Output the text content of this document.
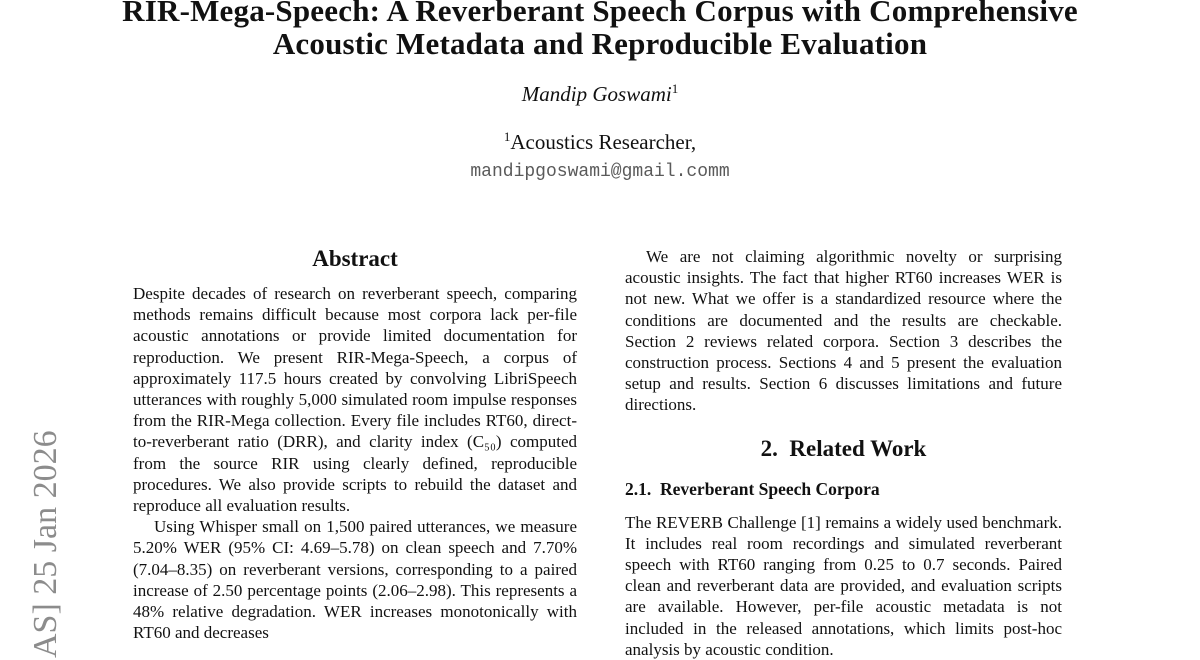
AS] 25 Jan 2026
RIR-Mega-Speech: A Reverberant Speech Corpus with Comprehensive
Acoustic Metadata and Reproducible Evaluation
Mandip Goswami$^1$
$^1$Acoustics Researcher,
mandipgoswami@gmail.comm
Abstract

Despite decades of research on reverberant speech, comparing methods remains difficult because most corpora lack per-file acoustic annotations or provide limited documentation for reproduction. We present RIR-Mega-Speech, a corpus of approximately 117.5 hours created by convolving LibriSpeech utterances with roughly 5,000 simulated room impulse responses from the RIR-Mega collection. Every file includes RT60, direct-to-reverberant ratio (DRR), and clarity index (C₅₀) computed from the source RIR using clearly defined, reproducible procedures. We also provide scripts to rebuild the dataset and reproduce all evaluation results.

Using Whisper small on 1,500 paired utterances, we measure 5.20% WER (95% CI: 4.69–5.78) on clean speech and 7.70% (7.04–8.35) on reverberant versions, corresponding to a paired increase of 2.50 percentage points (2.06–2.98). This represents a 48% relative degradation. WER increases monotonically with RT60 and decreases

We are not claiming algorithmic novelty or surprising acoustic insights. The fact that higher RT60 increases WER is not new. What we offer is a standardized resource where the conditions are documented and the results are checkable. Section 2 reviews related corpora. Section 3 describes the construction process. Sections 4 and 5 present the evaluation setup and results. Section 6 discusses limitations and future directions.

2.  Related Work
2.1.  Reverberant Speech Corpora

The REVERB Challenge [1] remains a widely used benchmark. It includes real room recordings and simulated reverberant speech with RT60 ranging from 0.25 to 0.7 seconds. Paired clean and reverberant data are provided, and evaluation scripts are available. However, per-file acoustic metadata is not included in the released annotations, which limits post-hoc analysis by acoustic condition.
